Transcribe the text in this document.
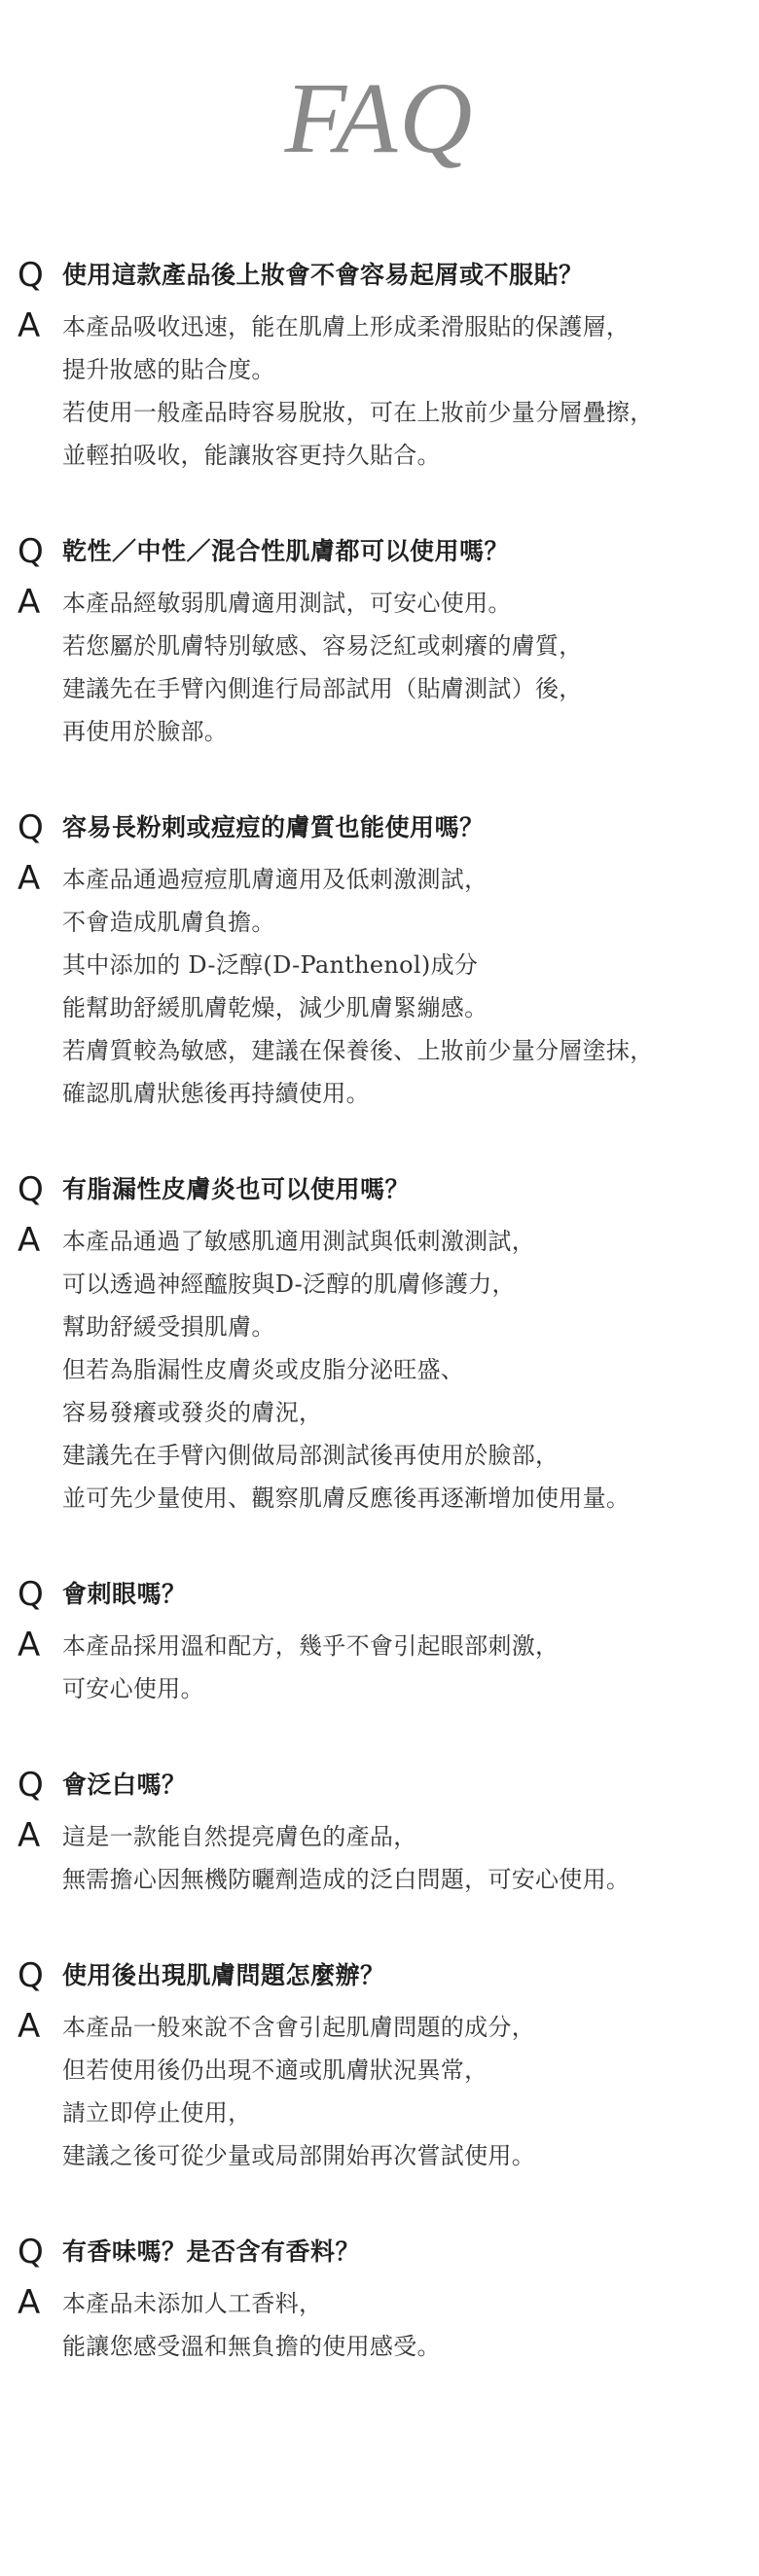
FAQ
Q 使用這款產品後上妝會不會容易起屑或不服貼？
A 本產品吸收迅速，能在肌膚上形成柔滑服貼的保護層，
提升妝感的貼合度。
若使用一般產品時容易脫妝，可在上妝前少量分層疊擦，
並輕拍吸收，能讓妝容更持久貼合。
Q 乾性／中性／混合性肌膚都可以使用嗎？
A 本產品經敏弱肌膚適用測試，可安心使用。
若您屬於肌膚特別敏感、容易泛紅或刺癢的膚質，
建議先在手臂內側進行局部試用（貼膚測試）後，
再使用於臉部。
Q 容易長粉刺或痘痘的膚質也能使用嗎？
A 本產品通過痘痘肌膚適用及低刺激測試，
不會造成肌膚負擔。
其中添加的 D-泛醇(D-Panthenol)成分
能幫助舒緩肌膚乾燥，減少肌膚緊繃感。
若膚質較為敏感，建議在保養後、上妝前少量分層塗抹，
確認肌膚狀態後再持續使用。
Q 有脂漏性皮膚炎也可以使用嗎？
A 本產品通過了敏感肌適用測試與低刺激測試，
可以透過神經醯胺與D-泛醇的肌膚修護力，
幫助舒緩受損肌膚。
但若為脂漏性皮膚炎或皮脂分泌旺盛、
容易發癢或發炎的膚況，
建議先在手臂內側做局部測試後再使用於臉部，
並可先少量使用、觀察肌膚反應後再逐漸增加使用量。
Q 會刺眼嗎？
A 本產品採用溫和配方，幾乎不會引起眼部刺激，
可安心使用。
Q 會泛白嗎？
A 這是一款能自然提亮膚色的產品，
無需擔心因無機防曬劑造成的泛白問題，可安心使用。
Q 使用後出現肌膚問題怎麼辦？
A 本產品一般來說不含會引起肌膚問題的成分，
但若使用後仍出現不適或肌膚狀況異常，
請立即停止使用，
建議之後可從少量或局部開始再次嘗試使用。
Q 有香味嗎？是否含有香料？
A 本產品未添加人工香料，
能讓您感受溫和無負擔的使用感受。
